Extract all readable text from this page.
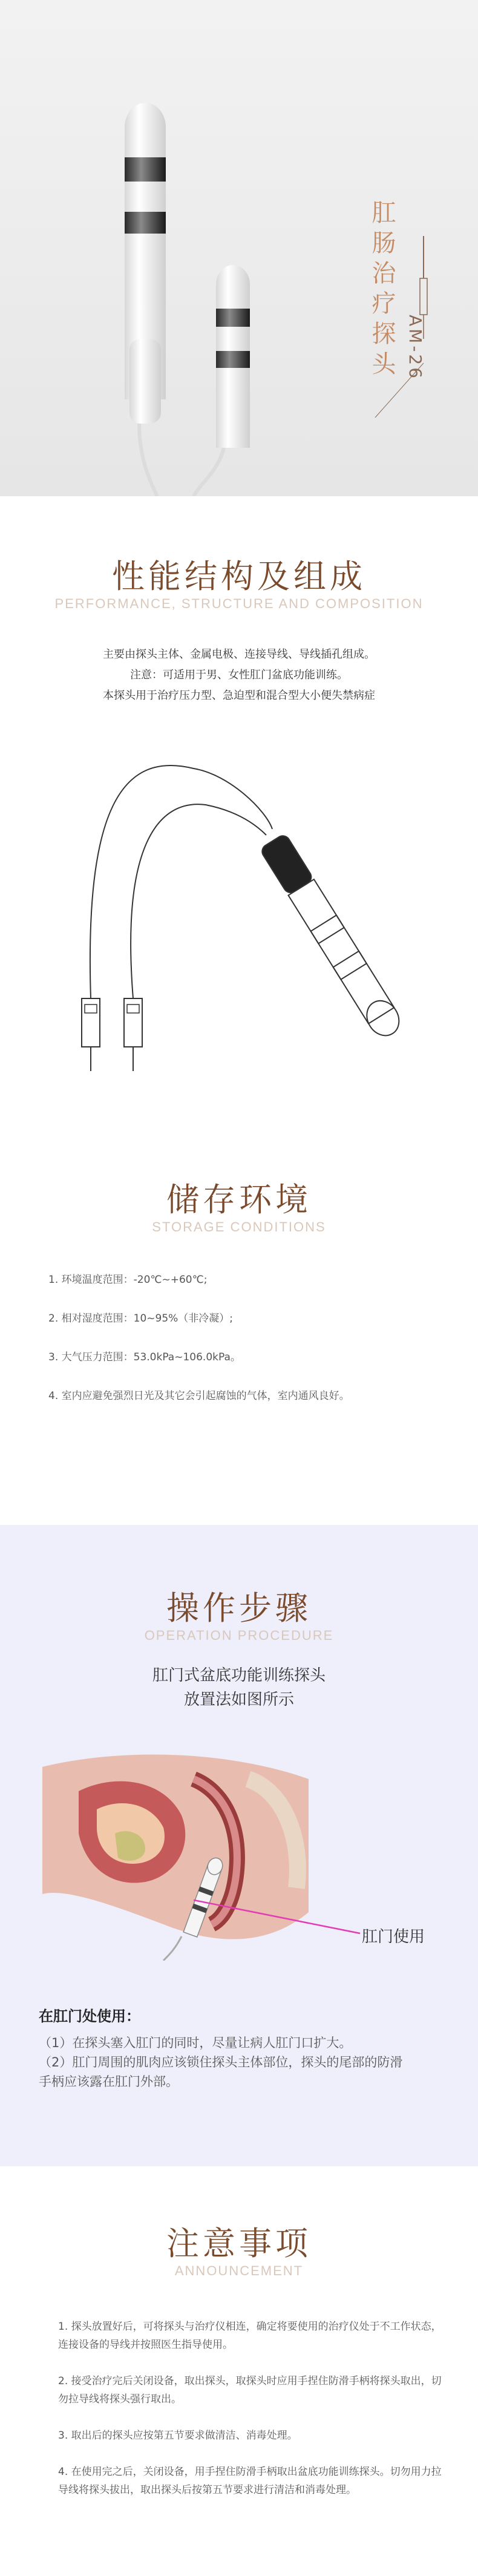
肛肠治疗探头 AM-26
性能结构及组成
PERFORMANCE, STRUCTURE AND COMPOSITION
主要由探头主体、金属电极、连接导线、导线插孔组成。
注意：可适用于男、女性肛门盆底功能训练。
本探头用于治疗压力型、急迫型和混合型大小便失禁病症
储存环境
STORAGE CONDITIONS
1. 环境温度范围：-20℃~+60℃;
2. 相对湿度范围：10~95%（非冷凝）;
3. 大气压力范围：53.0kPa~106.0kPa。
4. 室内应避免强烈日光及其它会引起腐蚀的气体，室内通风良好。
操作步骤
OPERATION PROCEDURE
肛门式盆底功能训练探头
放置法如图所示
肛门使用
在肛门处使用：
（1）在探头塞入肛门的同时，尽量让病人肛门口扩大。
（2）肛门周围的肌肉应该锁住探头主体部位，探头的尾部的防滑
手柄应该露在肛门外部。
注意事项
ANNOUNCEMENT
1. 探头放置好后，可将探头与治疗仪相连，确定将要使用的治疗仪处于不工作状态，连接设备的导线并按照医生指导使用。
2. 接受治疗完后关闭设备，取出探头，取探头时应用手捏住防滑手柄将探头取出，切勿拉导线将探头强行取出。
3. 取出后的探头应按第五节要求做清洁、消毒处理。
4. 在使用完之后，关闭设备，用手捏住防滑手柄取出盆底功能训练探头。切勿用力拉导线将探头拔出，取出探头后按第五节要求进行清洁和消毒处理。
